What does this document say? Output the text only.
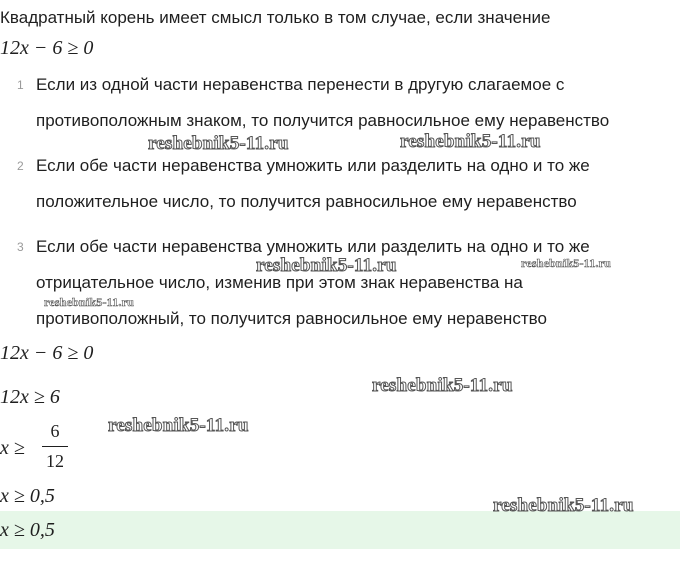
Квадратный корень имеет смысл только в том случае, если значение
12x − 6 ≥ 0
1 Если из одной части неравенства перенести в другую слагаемое с
противоположным знаком, то получится равносильное ему неравенство
2 Если обе части неравенства умножить или разделить на одно и то же
положительное число, то получится равносильное ему неравенство
3 Если обе части неравенства умножить или разделить на одно и то же
отрицательное число, изменив при этом знак неравенства на
противоположный, то получится равносильное ему неравенство
12x − 6 ≥ 0
12x ≥ 6
x ≥
6
12
x ≥ 0,5
x ≥ 0,5
reshebnik5-11.ru	reshebnik5-11.ru
reshebnik5-11.ru	reshebnik5-11.ru
reshebnik5-11.ru
reshebnik5-11.ru
reshebnik5-11.ru
reshebnik5-11.ru
